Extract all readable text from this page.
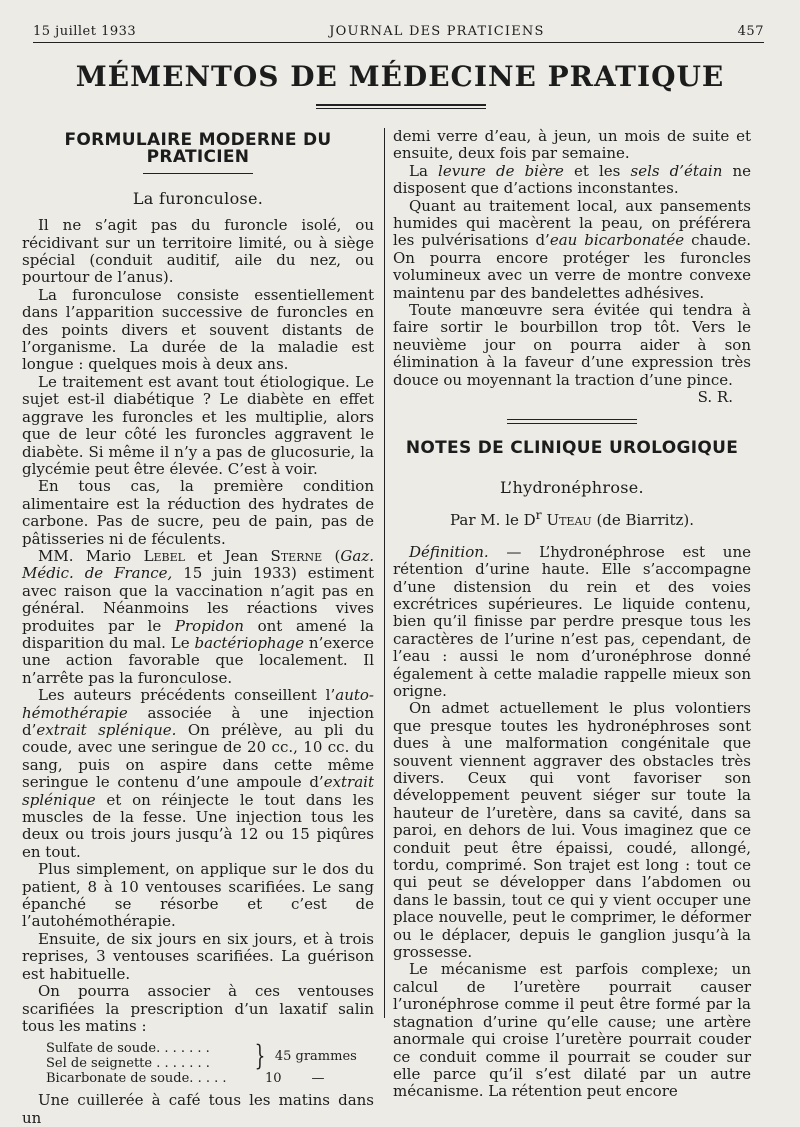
15 juillet 1933	JOURNAL DES PRATICIENS	457
MÉMENTOS DE MÉDECINE PRATIQUE
FORMULAIRE MODERNE DU PRATICIEN
La furonculose.

Il ne s’agit pas du furoncle isolé, ou récidivant sur un territoire limité, ou à siège spécial (conduit auditif, aile du nez, ou pourtour de l’anus).

La furonculose consiste essentiellement dans l’apparition successive de furoncles en des points divers et souvent distants de l’organisme. La durée de la maladie est longue : quelques mois à deux ans.

Le traitement est avant tout étiologique. Le sujet est-il diabétique ? Le diabète en effet aggrave les furoncles et les multiplie, alors que de leur côté les furoncles aggravent le diabète. Si même il n’y a pas de glucosurie, la glycémie peut être élevée. C’est à voir.

En tous cas, la première condition alimentaire est la réduction des hydrates de carbone. Pas de sucre, peu de pain, pas de pâtisseries ni de féculents.

MM. Mario Lebel et Jean Sterne (Gaz. Médic. de France, 15 juin 1933) estiment avec raison que la vaccination n’agit pas en général. Néanmoins les réactions vives produites par le Propidon ont amené la disparition du mal. Le bactériophage n’exerce une action favorable que localement. Il n’arrête pas la furonculose.

Les auteurs précédents conseillent l’auto-hémothérapie associée à une injection d’extrait splénique. On prélève, au pli du coude, avec une seringue de 20 cc., 10 cc. du sang, puis on aspire dans cette même seringue le contenu d’une ampoule d’extrait splénique et on réinjecte le tout dans les muscles de la fesse. Une injection tous les deux ou trois jours jusqu’à 12 ou 15 piqûres en tout.

Plus simplement, on applique sur le dos du patient, 8 à 10 ventouses scarifiées. Le sang épanché se résorbe et c’est de l’autohémothérapie.

Ensuite, de six jours en six jours, et à trois reprises, 3 ventouses scarifiées. La guérison est habituelle.

On pourra associer à ces ventouses scarifiées la prescription d’un laxatif salin tous les matins :

Sulfate de soude. . . . . . .
Sel de seignette . . . . . . .	} 45 grammes
Bicarbonate de soude. . . . .	10 —

Une cuillerée à café tous les matins dans un

demi verre d’eau, à jeun, un mois de suite et ensuite, deux fois par semaine.

La levure de bière et les sels d’étain ne disposent que d’actions inconstantes.

Quant au traitement local, aux pansements humides qui macèrent la peau, on préférera les pulvérisations d’eau bicarbonatée chaude. On pourra encore protéger les furoncles volumineux avec un verre de montre convexe maintenu par des bandelettes adhésives.

Toute manœuvre sera évitée qui tendra à faire sortir le bourbillon trop tôt. Vers le neuvième jour on pourra aider à son élimination à la faveur d’une expression très douce ou moyennant la traction d’une pince.

S. R.
NOTES DE CLINIQUE UROLOGIQUE
L’hydronéphrose.
Par M. le $D^r$ Uteau (de Biarritz).

Définition. — L’hydronéphrose est une rétention d’urine haute. Elle s’accompagne d’une distension du rein et des voies excrétrices supérieures. Le liquide contenu, bien qu’il finisse par perdre presque tous les caractères de l’urine n’est pas, cependant, de l’eau : aussi le nom d’uronéphrose donné également à cette maladie rappelle mieux son origne.

On admet actuellement le plus volontiers que presque toutes les hydronéphroses sont dues à une malformation congénitale que souvent viennent aggraver des obstacles très divers. Ceux qui vont favoriser son développement peuvent siéger sur toute la hauteur de l’uretère, dans sa cavité, dans sa paroi, en dehors de lui. Vous imaginez que ce conduit peut être épaissi, coudé, allongé, tordu, comprimé. Son trajet est long : tout ce qui peut se développer dans l’abdomen ou dans le bassin, tout ce qui y vient occuper une place nouvelle, peut le comprimer, le déformer ou le déplacer, depuis le ganglion jusqu’à la grossesse.

Le mécanisme est parfois complexe; un calcul de l’uretère pourrait causer l’uronéphrose comme il peut être formé par la stagnation d’urine qu’elle cause; une artère anormale qui croise l’uretère pourrait couder ce conduit comme il pourrait se couder sur elle parce qu’il s’est dilaté par un autre mécanisme. La rétention peut encore
